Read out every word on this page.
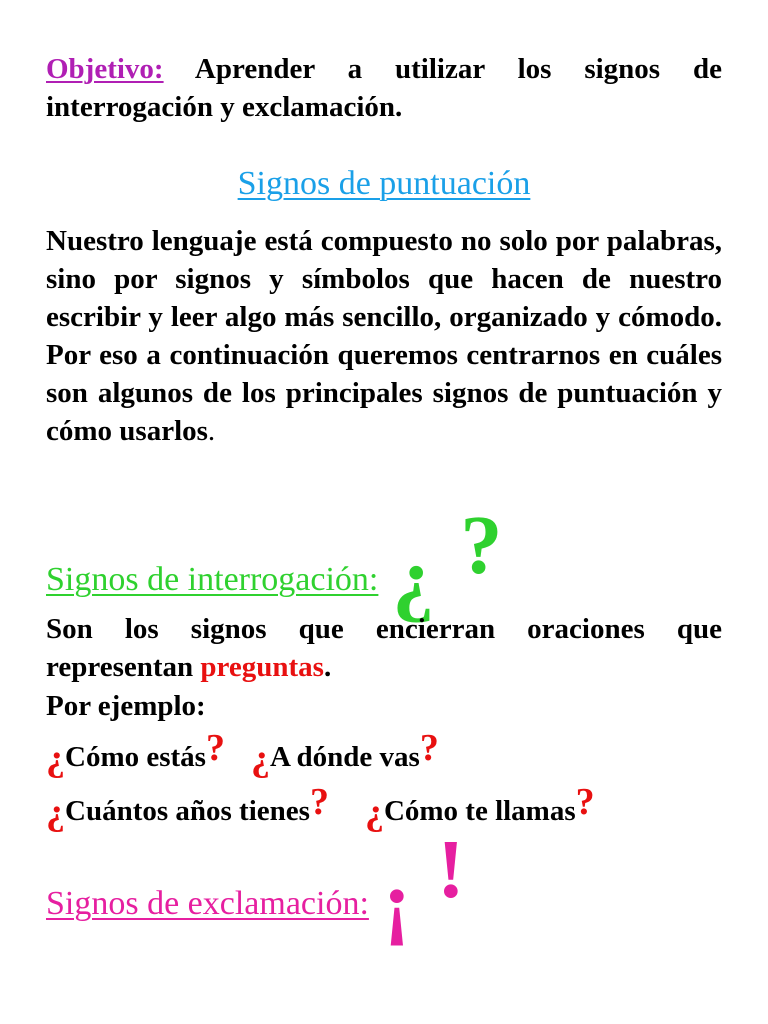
Objetivo: Aprender a utilizar los signos de interrogación y exclamación.

Signos de puntuación

Nuestro lenguaje está compuesto no solo por palabras, sino por signos y símbolos que hacen de nuestro escribir y leer algo más sencillo, organizado y cómodo. Por eso a continuación queremos centrarnos en cuáles son algunos de los principales signos de puntuación y cómo usarlos.

Signos de interrogación: ¿ ?

Son los signos que encierran oraciones que representan preguntas.

Por ejemplo:
¿Cómo estás? ¿A dónde vas?
¿Cuántos años tienes? ¿Cómo te llamas?
Signos de exclamación: ¡ !
